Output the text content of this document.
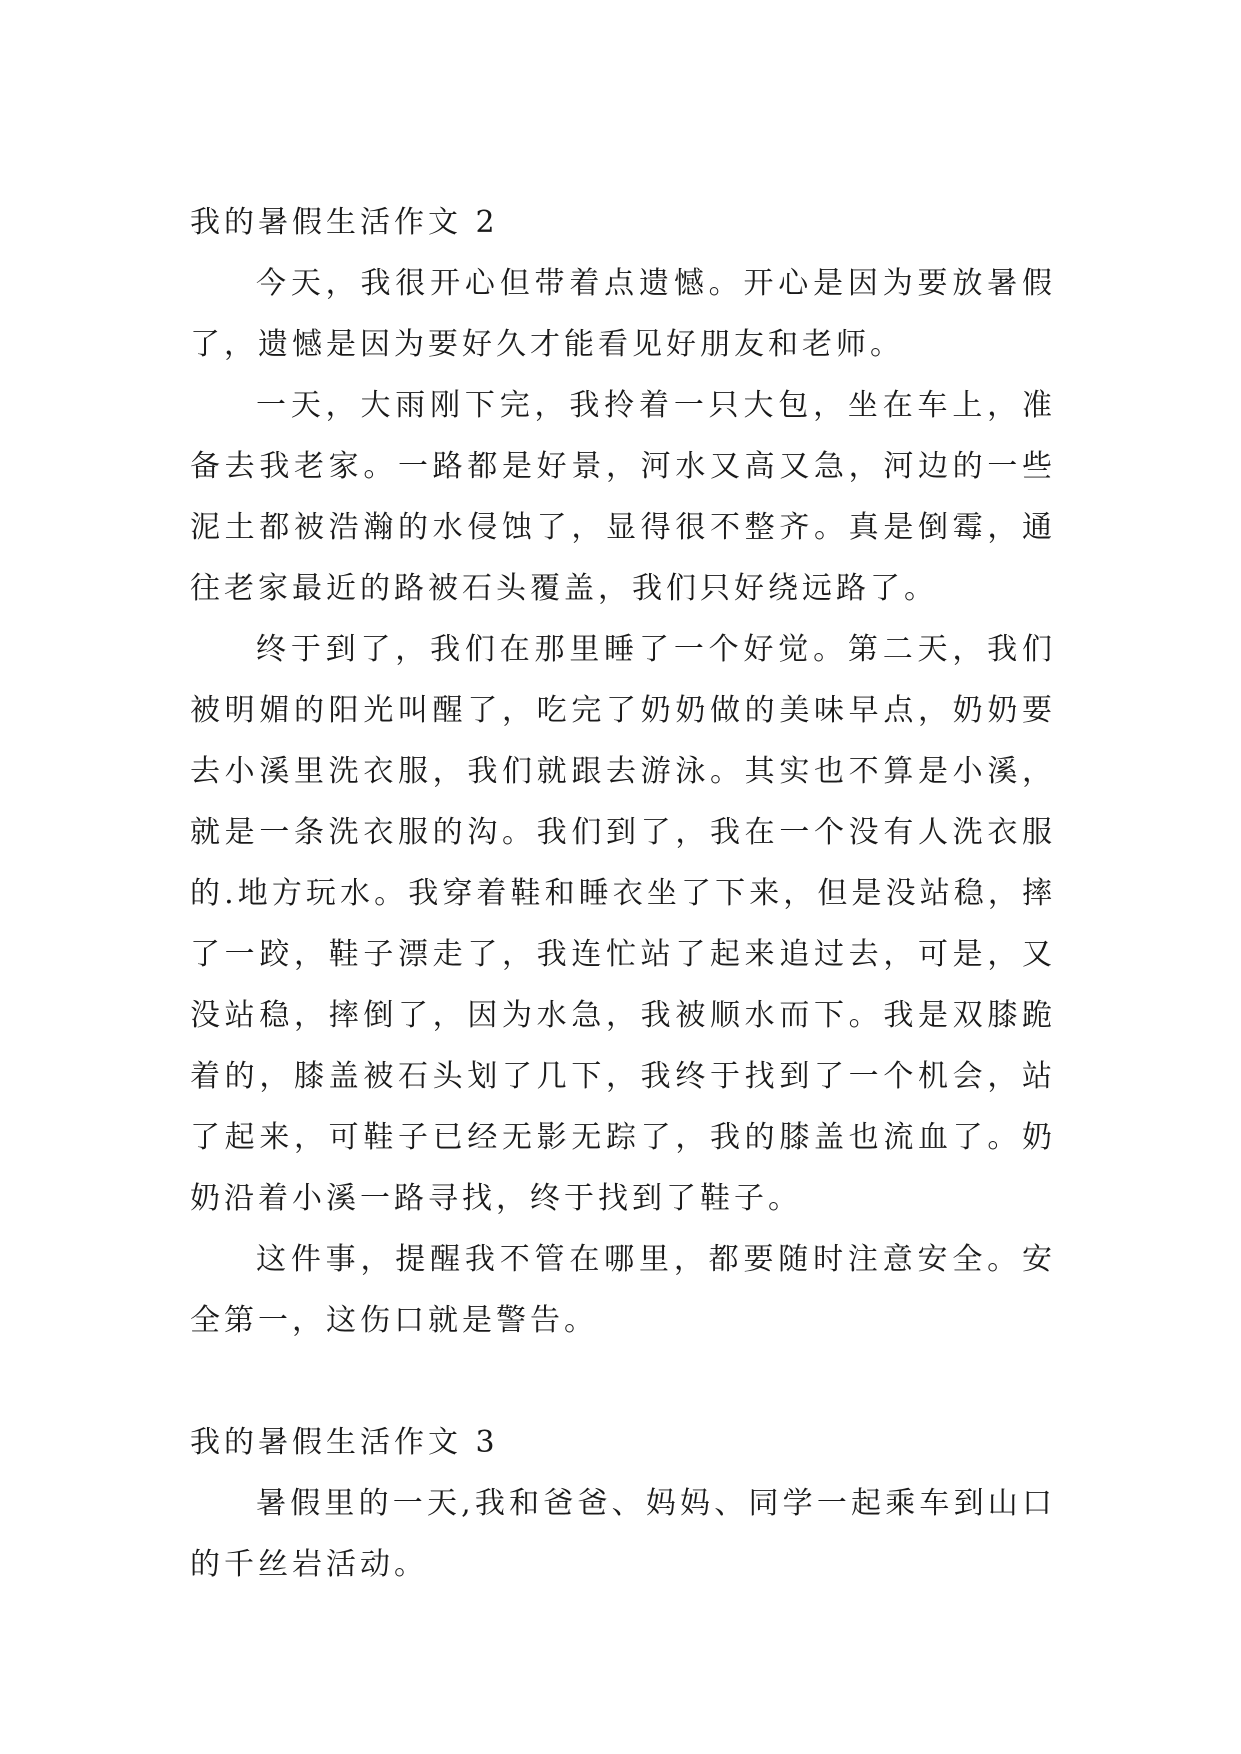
我的暑假生活作文 2

今天，我很开心但带着点遗憾。开心是因为要放暑假了，遗憾是因为要好久才能看见好朋友和老师。

一天，大雨刚下完，我拎着一只大包，坐在车上，准备去我老家。一路都是好景，河水又高又急，河边的一些泥土都被浩瀚的水侵蚀了，显得很不整齐。真是倒霉，通往老家最近的路被石头覆盖，我们只好绕远路了。

终于到了，我们在那里睡了一个好觉。第二天，我们被明媚的阳光叫醒了，吃完了奶奶做的美味早点，奶奶要去小溪里洗衣服，我们就跟去游泳。其实也不算是小溪，就是一条洗衣服的沟。我们到了，我在一个没有人洗衣服的.地方玩水。我穿着鞋和睡衣坐了下来，但是没站稳，摔了一跤，鞋子漂走了，我连忙站了起来追过去，可是，又没站稳，摔倒了，因为水急，我被顺水而下。我是双膝跪着的，膝盖被石头划了几下，我终于找到了一个机会，站了起来，可鞋子已经无影无踪了，我的膝盖也流血了。奶奶沿着小溪一路寻找，终于找到了鞋子。

这件事，提醒我不管在哪里，都要随时注意安全。安全第一，这伤口就是警告。

我的暑假生活作文 3

暑假里的一天,我和爸爸、妈妈、同学一起乘车到山口的千丝岩活动。
